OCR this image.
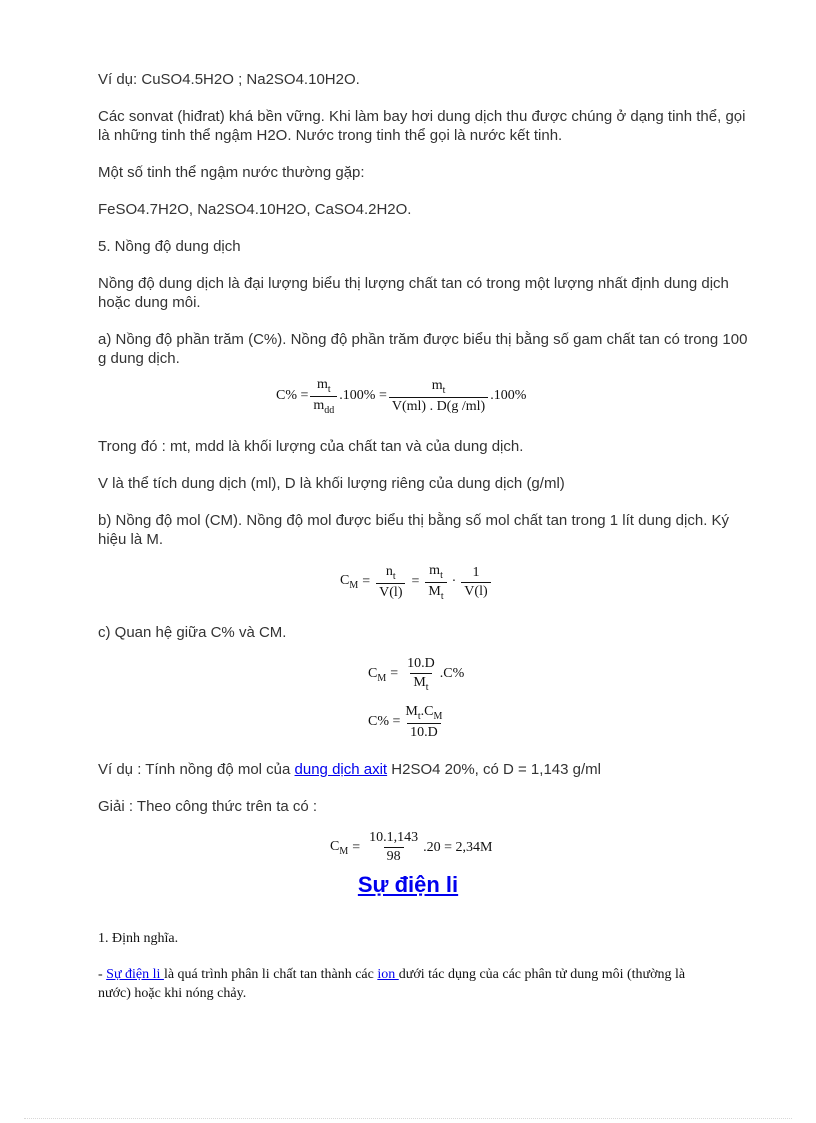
Ví dụ: CuSO4.5H2O ; Na2SO4.10H2O.

Các sonvat (hiđrat) khá bền vững. Khi làm bay hơi dung dịch thu được chúng ở dạng tinh thể, gọi là những tinh thể ngậm H2O. Nước trong tinh thể gọi là nước kết tinh.

Một số tinh thể ngậm nước thường gặp:

FeSO4.7H2O, Na2SO4.10H2O, CaSO4.2H2O.

5. Nồng độ dung dịch

Nồng độ dung dịch là đại lượng biểu thị lượng chất tan có trong một lượng nhất định dung dịch hoặc dung môi.

a) Nồng độ phần trăm (C%). Nồng độ phần trăm được biểu thị bằng số gam chất tan có trong 100 g dung dịch.

$C\% = \frac{m_t}{m_{dd}} .100\% = \frac{m_t}{V(ml) . D(g /ml)} .100\%$

Trong đó : mt, mdd là khối lượng của chất tan và của dung dịch.

V là thể tích dung dịch (ml), D là khối lượng riêng của dung dịch (g/ml)

b) Nồng độ mol (CM). Nồng độ mol được biểu thị bằng số mol chất tan trong 1 lít dung dịch. Ký hiệu là M.

$C_M = \frac{n_t}{V(l)} = \frac{m_t}{M_t} \cdot \frac{1}{V(l)}$

c) Quan hệ giữa C% và CM.

$C_M = \frac{10.D}{M_t} .C\%$
$C\% = \frac{M_t.C_M}{10.D}$

Ví dụ : Tính nồng độ mol của dung dịch axit H2SO4 20%, có D = 1,143 g/ml

Giải : Theo công thức trên ta có :

$C_M = \frac{10.1,143}{98} .20 = 2,34M$
Sự điện li

1. Định nghĩa.

- Sự điện li là quá trình phân li chất tan thành các ion dưới tác dụng của các phân tử dung môi (thường là nước) hoặc khi nóng chảy.
